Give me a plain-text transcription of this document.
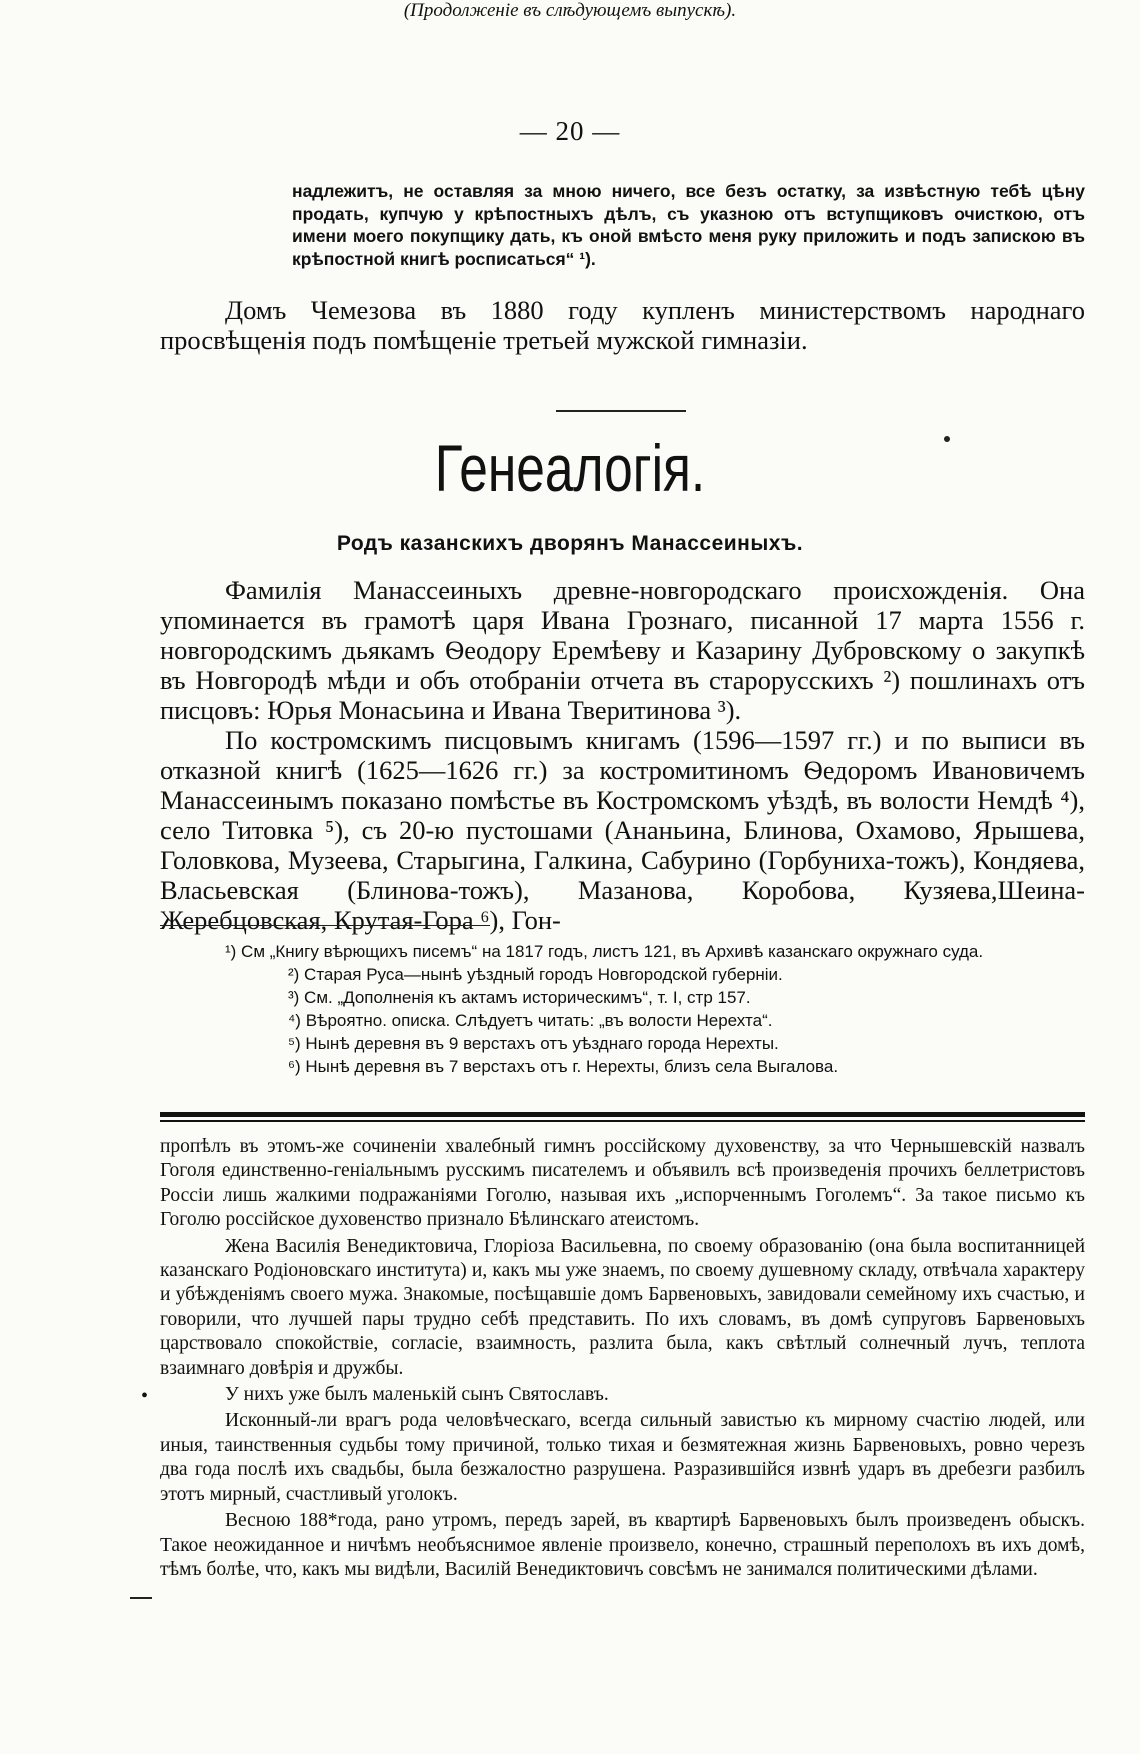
— 20 —
надлежитъ, не оставляя за мною ничего, все безъ остатку, за извѣстную тебѣ цѣну продать, купчую у крѣпостныхъ дѣлъ, съ указною отъ вступщиковъ очисткою, отъ имени моего покупщику дать, къ оной вмѣсто меня руку приложить и подъ запискою въ крѣпостной книгѣ росписаться“ ¹).
Домъ Чемезова въ 1880 году купленъ министерствомъ народнаго просвѣщенія подъ помѣщеніе третьей мужской гимназіи.
(Продолженіе въ слѣдующемъ выпускѣ).
Генеалогія.
Родъ казанскихъ дворянъ Манассеиныхъ.

Фамилія Манассеиныхъ древне-новгородскаго происхожденія. Она упоминается въ грамотѣ царя Ивана Грознаго, писанной 17 марта 1556 г. новгородскимъ дьякамъ Ѳеодору Еремѣеву и Казарину Дубровскому о закупкѣ въ Новгородѣ мѣди и объ отобраніи отчета въ старорусскихъ ²) пошлинахъ отъ писцовъ: Юрья Монасьина и Ивана Тверитинова ³).

По костромскимъ писцовымъ книгамъ (1596—1597 гг.) и по выписи въ отказной книгѣ (1625—1626 гг.) за костромитиномъ Ѳедоромъ Ивановичемъ Манассеинымъ показано помѣстье въ Костромскомъ уѣздѣ, въ волости Немдѣ ⁴), село Титовка ⁵), съ 20-ю пустошами (Ананьина, Блинова, Охамово, Ярышева, Головкова, Музеева, Старыгина, Галкина, Сабурино (Горбуниха-тожъ), Кондяева, Власьевская (Блинова-тожъ), Мазанова, Коробова, Кузяева,Шеина-Жеребцовская, Крутая-Гора ⁶), Гон-

¹) См „Книгу вѣрющихъ писемъ“ на 1817 годъ, листъ 121, въ Архивѣ казанскаго окружнаго суда.

²) Старая Руса—нынѣ уѣздный городъ Новгородской губерніи.

³) См. „Дополненія къ актамъ историческимъ“, т. I, стр 157.

⁴) Вѣроятно. описка. Слѣдуетъ читать: „въ волости Нерехта“.

⁵) Нынѣ деревня въ 9 верстахъ отъ уѣзднаго города Нерехты.

⁶) Нынѣ деревня въ 7 верстахъ отъ г. Нерехты, близъ села Выгалова.

•

пропѣлъ въ этомъ-же сочиненіи хвалебный гимнъ россійскому духовенству, за что Чернышевскій назвалъ Гоголя единственно-геніальнымъ русскимъ писателемъ и объявилъ всѣ произведенія прочихъ беллетристовъ Россіи лишь жалкими подражаніями Гоголю, называя ихъ „испорченнымъ Гоголемъ“. За такое письмо къ Гоголю россійское духовенство признало Бѣлинскаго атеистомъ.

Жена Василія Венедиктовича, Глоріоза Васильевна, по своему образованію (она была воспитанницей казанскаго Родіоновскаго института) и, какъ мы уже знаемъ, по своему душевному складу, отвѣчала характеру и убѣжденіямъ своего мужа. Знакомые, посѣщавшіе домъ Барвеновыхъ, завидовали семейному ихъ счастью, и говорили, что лучшей пары трудно себѣ представить. По ихъ словамъ, въ домѣ супруговъ Барвеновыхъ царствовало спокойствіе, согласіе, взаимность, разлита была, какъ свѣтлый солнечный лучъ, теплота взаимнаго довѣрія и дружбы.

У нихъ уже былъ маленькій сынъ Святославъ.

Исконный-ли врагъ рода человѣческаго, всегда сильный завистью къ мирному счастію людей, или иныя, таинственныя судьбы тому причиной, только тихая и безмятежная жизнь Барвеновыхъ, ровно черезъ два года послѣ ихъ свадьбы, была безжалостно разрушена. Разразившійся извнѣ ударъ въ дребезги разбилъ этотъ мирный, счастливый уголокъ.

Весною 188*года, рано утромъ, передъ зарей, въ квартирѣ Барвеновыхъ былъ произведенъ обыскъ. Такое неожиданное и ничѣмъ необъяснимое явленіе произвело, конечно, страшный переполохъ въ ихъ домѣ, тѣмъ болѣе, что, какъ мы видѣли, Василій Венедиктовичъ совсѣмъ не занимался политическими дѣлами.
